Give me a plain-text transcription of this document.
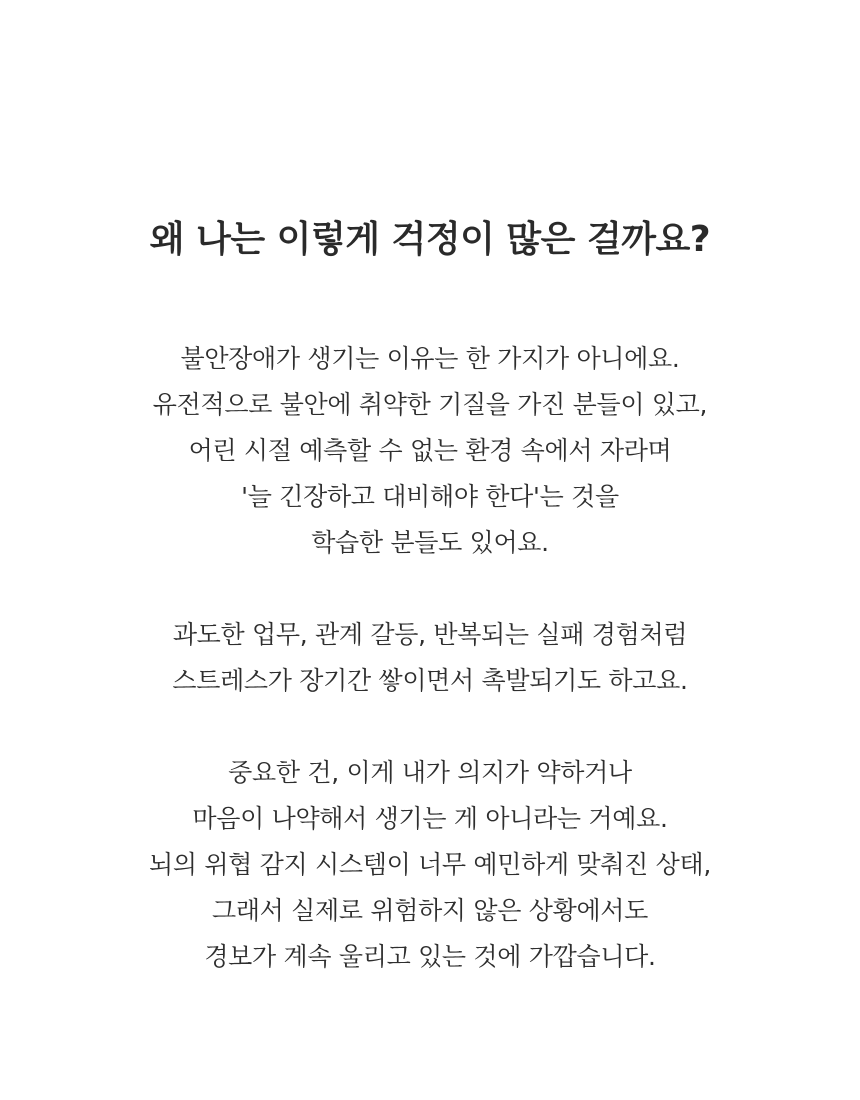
왜 나는 이렇게 걱정이 많은 걸까요?

불안장애가 생기는 이유는 한 가지가 아니에요.
유전적으로 불안에 취약한 기질을 가진 분들이 있고,
어린 시절 예측할 수 없는 환경 속에서 자라며
'늘 긴장하고 대비해야 한다'는 것을
학습한 분들도 있어요.

과도한 업무, 관계 갈등, 반복되는 실패 경험처럼
스트레스가 장기간 쌓이면서 촉발되기도 하고요.

중요한 건, 이게 내가 의지가 약하거나
마음이 나약해서 생기는 게 아니라는 거예요.
뇌의 위협 감지 시스템이 너무 예민하게 맞춰진 상태,
그래서 실제로 위험하지 않은 상황에서도
경보가 계속 울리고 있는 것에 가깝습니다.
